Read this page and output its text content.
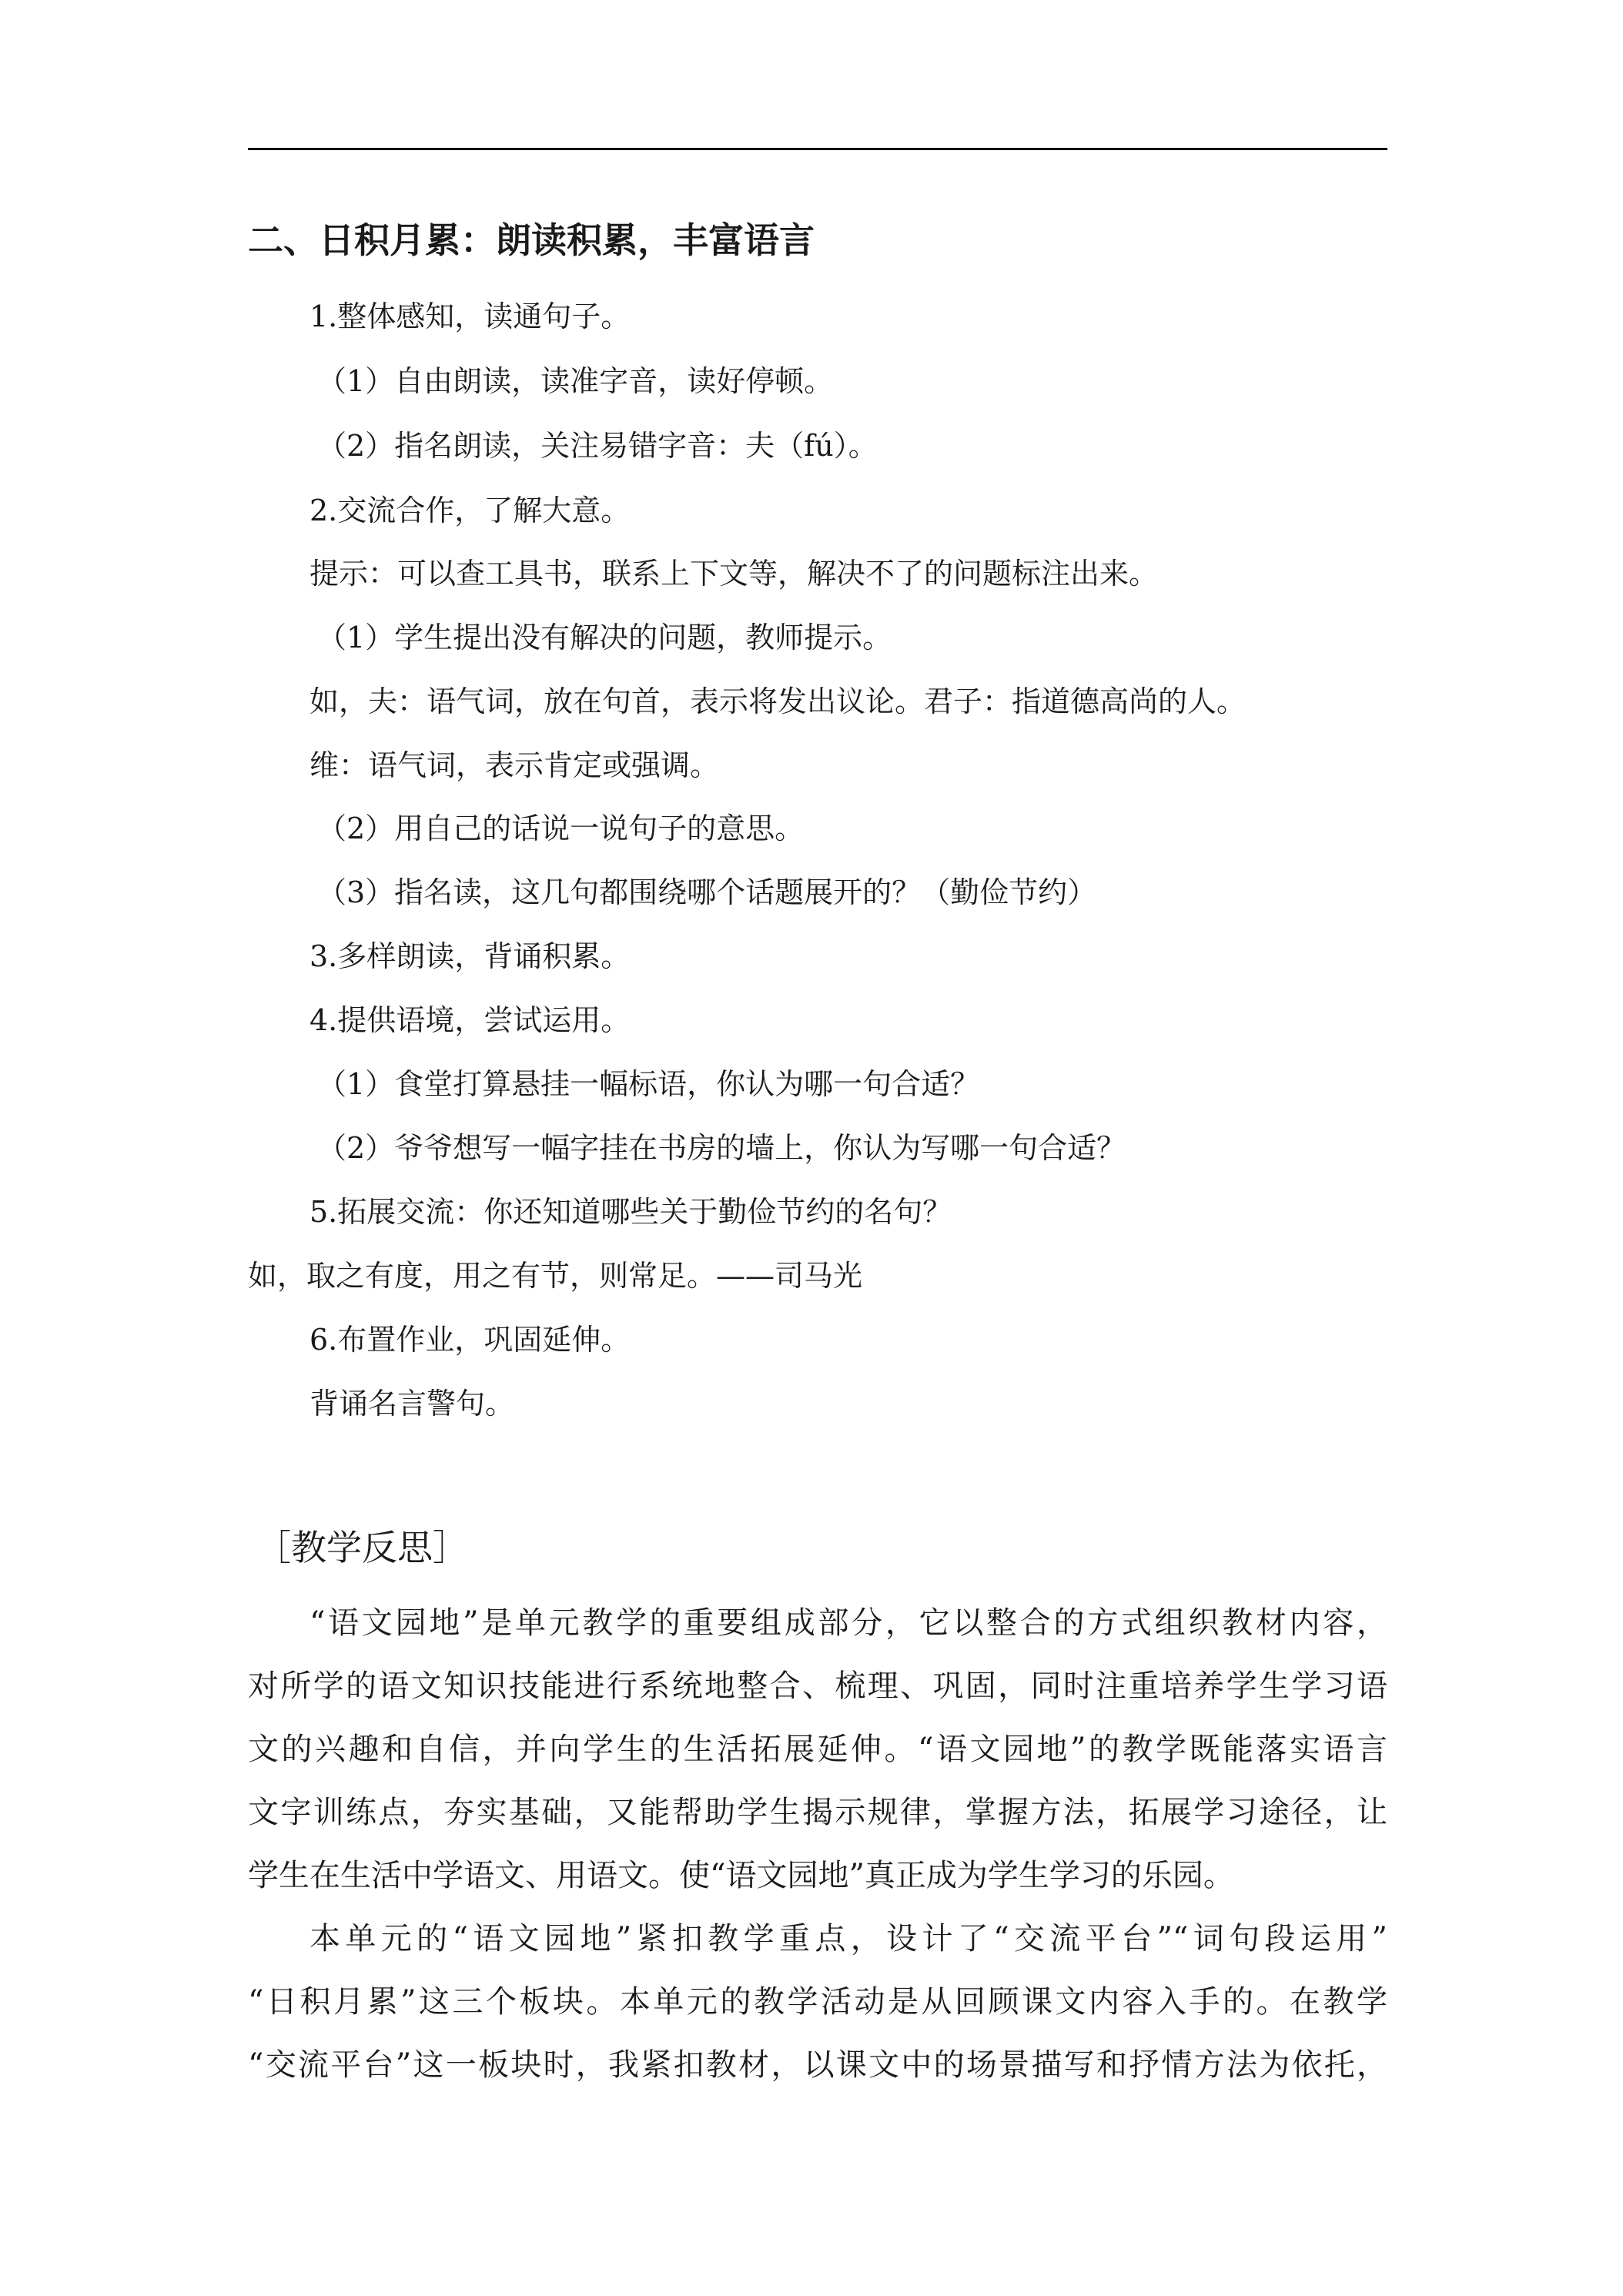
二、日积月累：朗读积累，丰富语言
1.整体感知，读通句子。
（1）自由朗读，读准字音，读好停顿。
（2）指名朗读，关注易错字音：夫（fú）。
2.交流合作，了解大意。
提示：可以查工具书，联系上下文等，解决不了的问题标注出来。
（1）学生提出没有解决的问题，教师提示。
如，夫：语气词，放在句首，表示将发出议论。君子：指道德高尚的人。
维：语气词，表示肯定或强调。
（2）用自己的话说一说句子的意思。
（3）指名读，这几句都围绕哪个话题展开的？（勤俭节约）
3.多样朗读，背诵积累。
4.提供语境，尝试运用。
（1）食堂打算悬挂一幅标语，你认为哪一句合适？
（2）爷爷想写一幅字挂在书房的墙上，你认为写哪一句合适？
5.拓展交流：你还知道哪些关于勤俭节约的名句？
如，取之有度，用之有节，则常足。——司马光
6.布置作业，巩固延伸。
背诵名言警句。
［教学反思］
“语文园地”是单元教学的重要组成部分，它以整合的方式组织教材内容，
对所学的语文知识技能进行系统地整合、梳理、巩固，同时注重培养学生学习语
文的兴趣和自信，并向学生的生活拓展延伸。“语文园地”的教学既能落实语言
文字训练点，夯实基础，又能帮助学生揭示规律，掌握方法，拓展学习途径，让
学生在生活中学语文、用语文。使“语文园地”真正成为学生学习的乐园。
本单元的“语文园地”紧扣教学重点，设计了“交流平台”“词句段运用”
“日积月累”这三个板块。本单元的教学活动是从回顾课文内容入手的。在教学
“交流平台”这一板块时，我紧扣教材，以课文中的场景描写和抒情方法为依托，
